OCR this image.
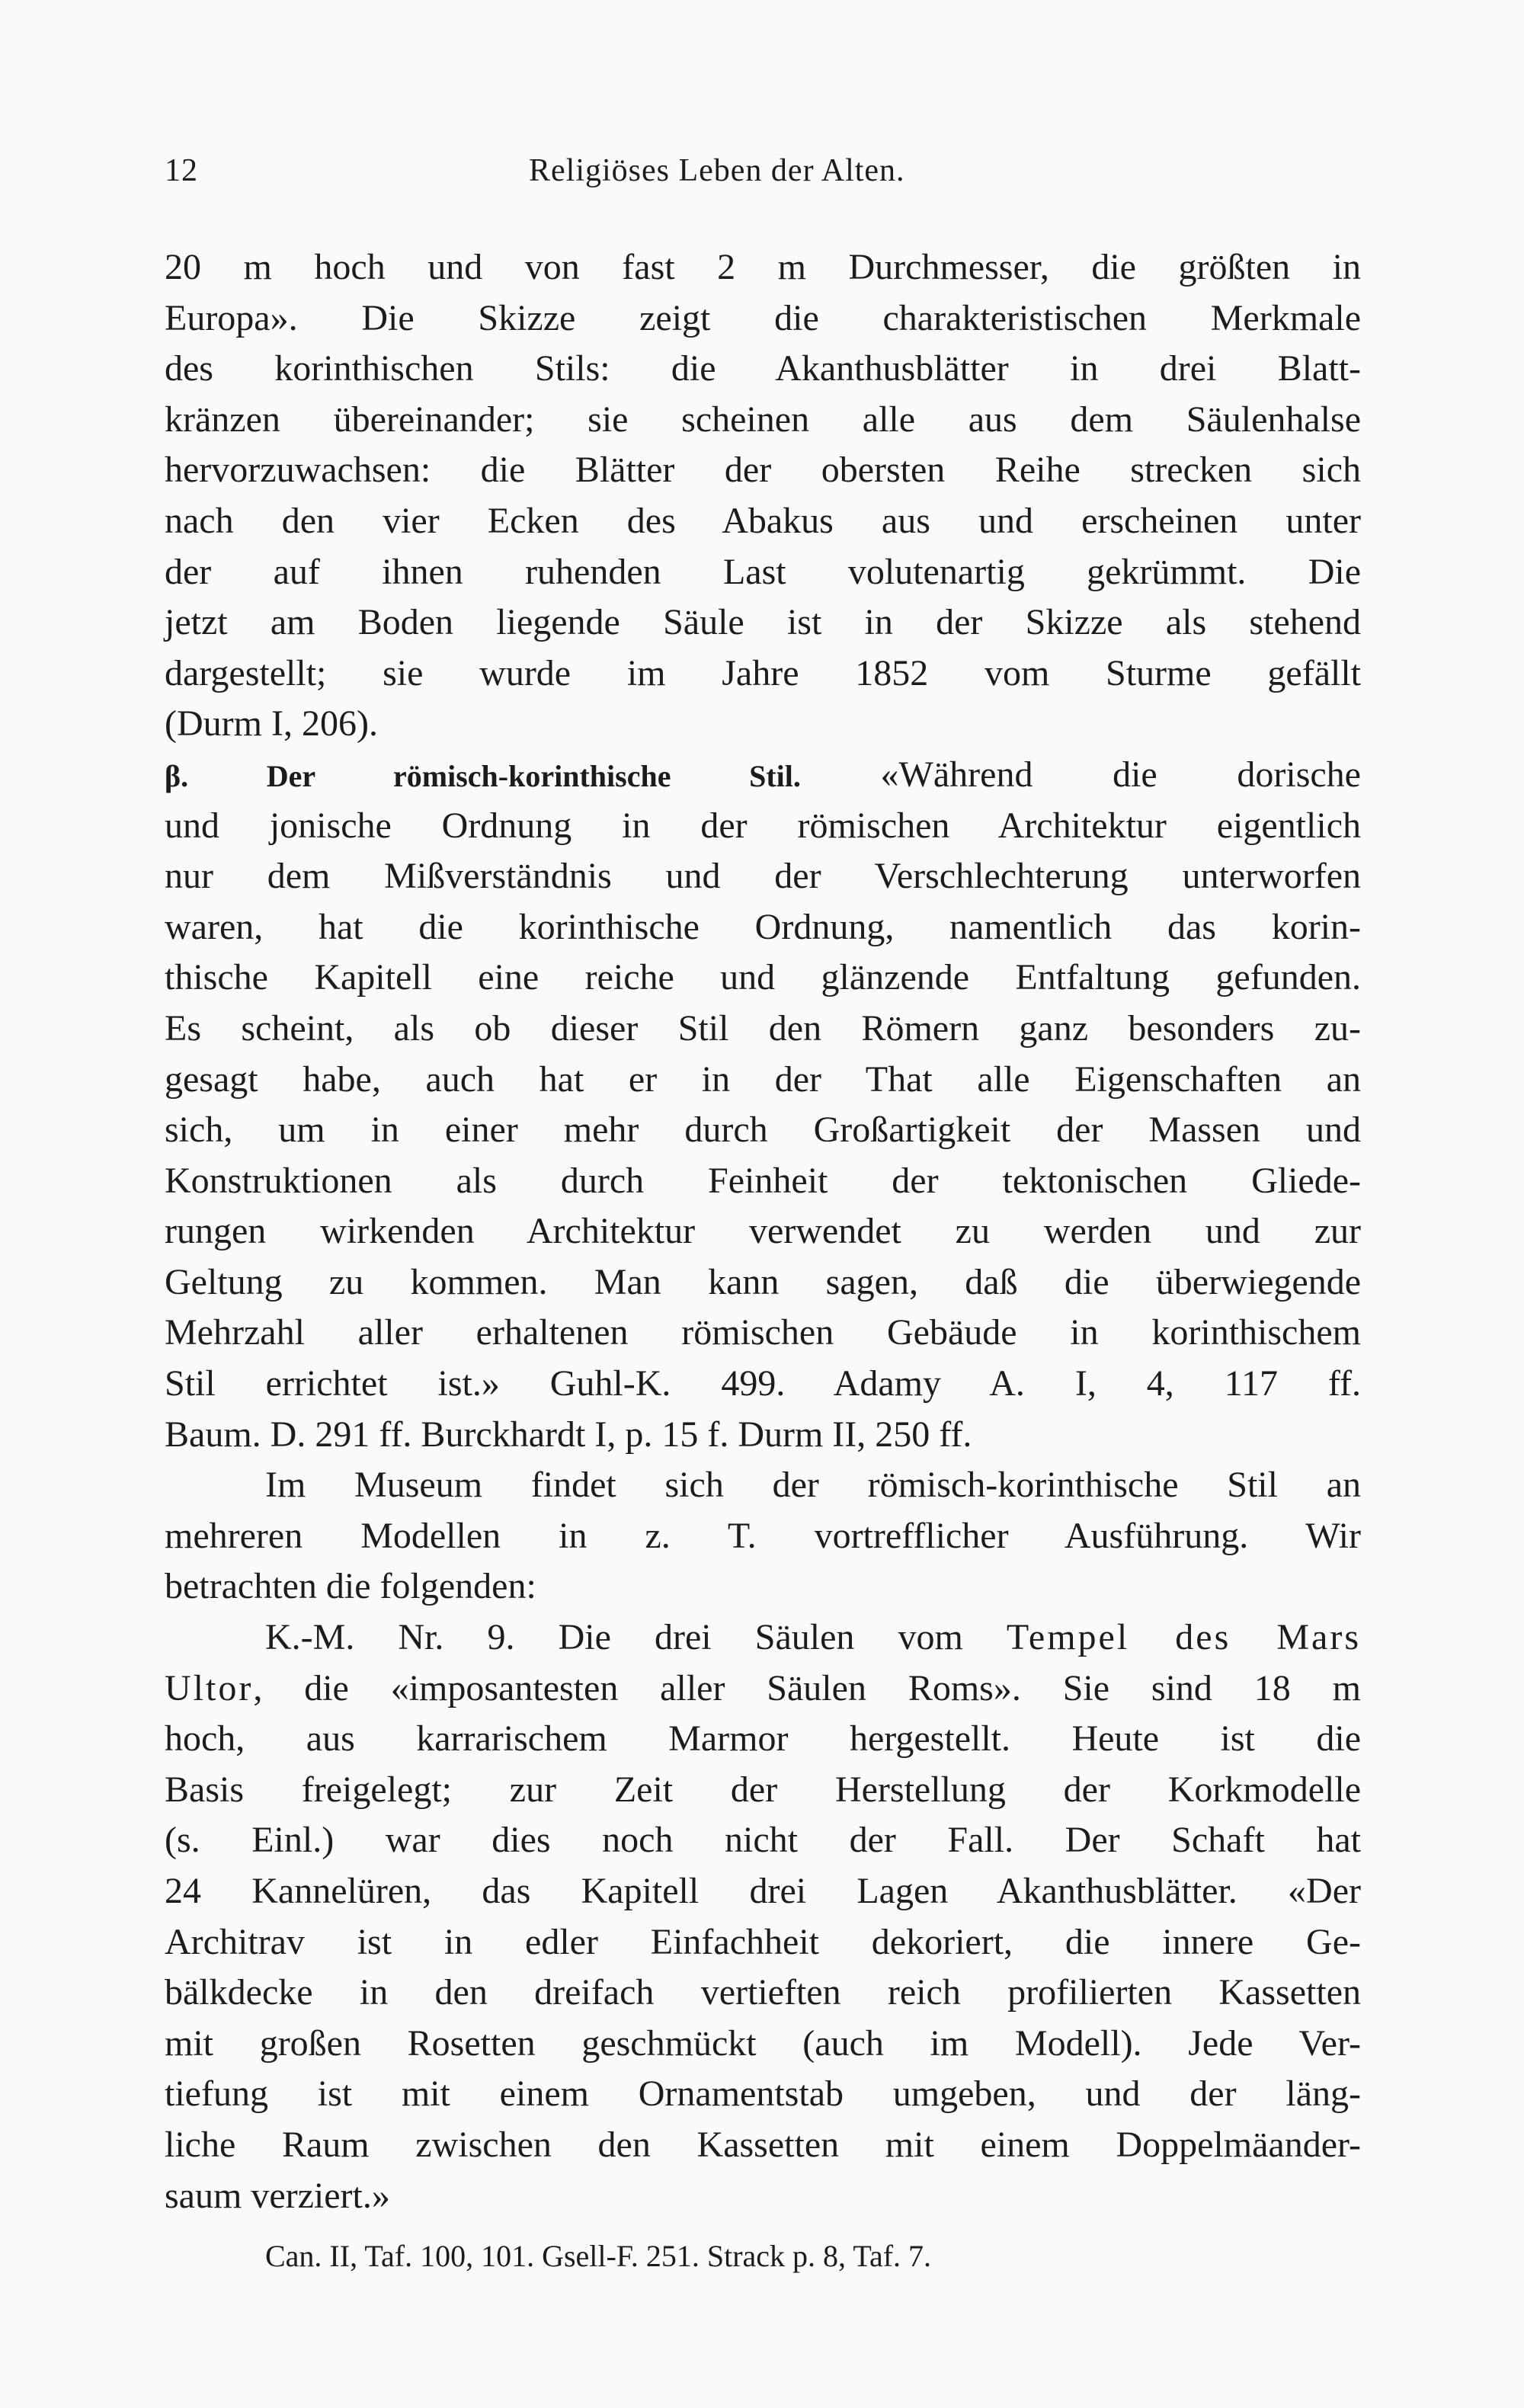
12	Religiöses Leben der Alten.
20 m hoch und von fast 2 m Durchmesser, die größten in
Europa». Die Skizze zeigt die charakteristischen Merkmale
des korinthischen Stils: die Akanthusblätter in drei Blatt-
kränzen übereinander; sie scheinen alle aus dem Säulenhalse
hervorzuwachsen: die Blätter der obersten Reihe strecken sich
nach den vier Ecken des Abakus aus und erscheinen unter
der auf ihnen ruhenden Last volutenartig gekrümmt. Die
jetzt am Boden liegende Säule ist in der Skizze als stehend
dargestellt; sie wurde im Jahre 1852 vom Sturme gefällt
(Durm I, 206).
β. Der römisch-korinthische Stil. «Während die dorische
und jonische Ordnung in der römischen Architektur eigentlich
nur dem Mißverständnis und der Verschlechterung unterworfen
waren, hat die korinthische Ordnung, namentlich das korin-
thische Kapitell eine reiche und glänzende Entfaltung gefunden.
Es scheint, als ob dieser Stil den Römern ganz besonders zu-
gesagt habe, auch hat er in der That alle Eigenschaften an
sich, um in einer mehr durch Großartigkeit der Massen und
Konstruktionen als durch Feinheit der tektonischen Gliede-
rungen wirkenden Architektur verwendet zu werden und zur
Geltung zu kommen. Man kann sagen, daß die überwiegende
Mehrzahl aller erhaltenen römischen Gebäude in korinthischem
Stil errichtet ist.» Guhl-K. 499. Adamy A. I, 4, 117 ff.
Baum. D. 291 ff. Burckhardt I, p. 15 f. Durm II, 250 ff.
Im Museum findet sich der römisch-korinthische Stil an
mehreren Modellen in z. T. vortrefflicher Ausführung. Wir
betrachten die folgenden:
K.-M. Nr. 9. Die drei Säulen vom Tempel des Mars
Ultor, die «imposantesten aller Säulen Roms». Sie sind 18 m
hoch, aus karrarischem Marmor hergestellt. Heute ist die
Basis freigelegt; zur Zeit der Herstellung der Korkmodelle
(s. Einl.) war dies noch nicht der Fall. Der Schaft hat
24 Kannelüren, das Kapitell drei Lagen Akanthusblätter. «Der
Architrav ist in edler Einfachheit dekoriert, die innere Ge-
bälkdecke in den dreifach vertieften reich profilierten Kassetten
mit großen Rosetten geschmückt (auch im Modell). Jede Ver-
tiefung ist mit einem Ornamentstab umgeben, und der läng-
liche Raum zwischen den Kassetten mit einem Doppelmäander-
saum verziert.»
Can. II, Taf. 100, 101. Gsell-F. 251. Strack p. 8, Taf. 7.
